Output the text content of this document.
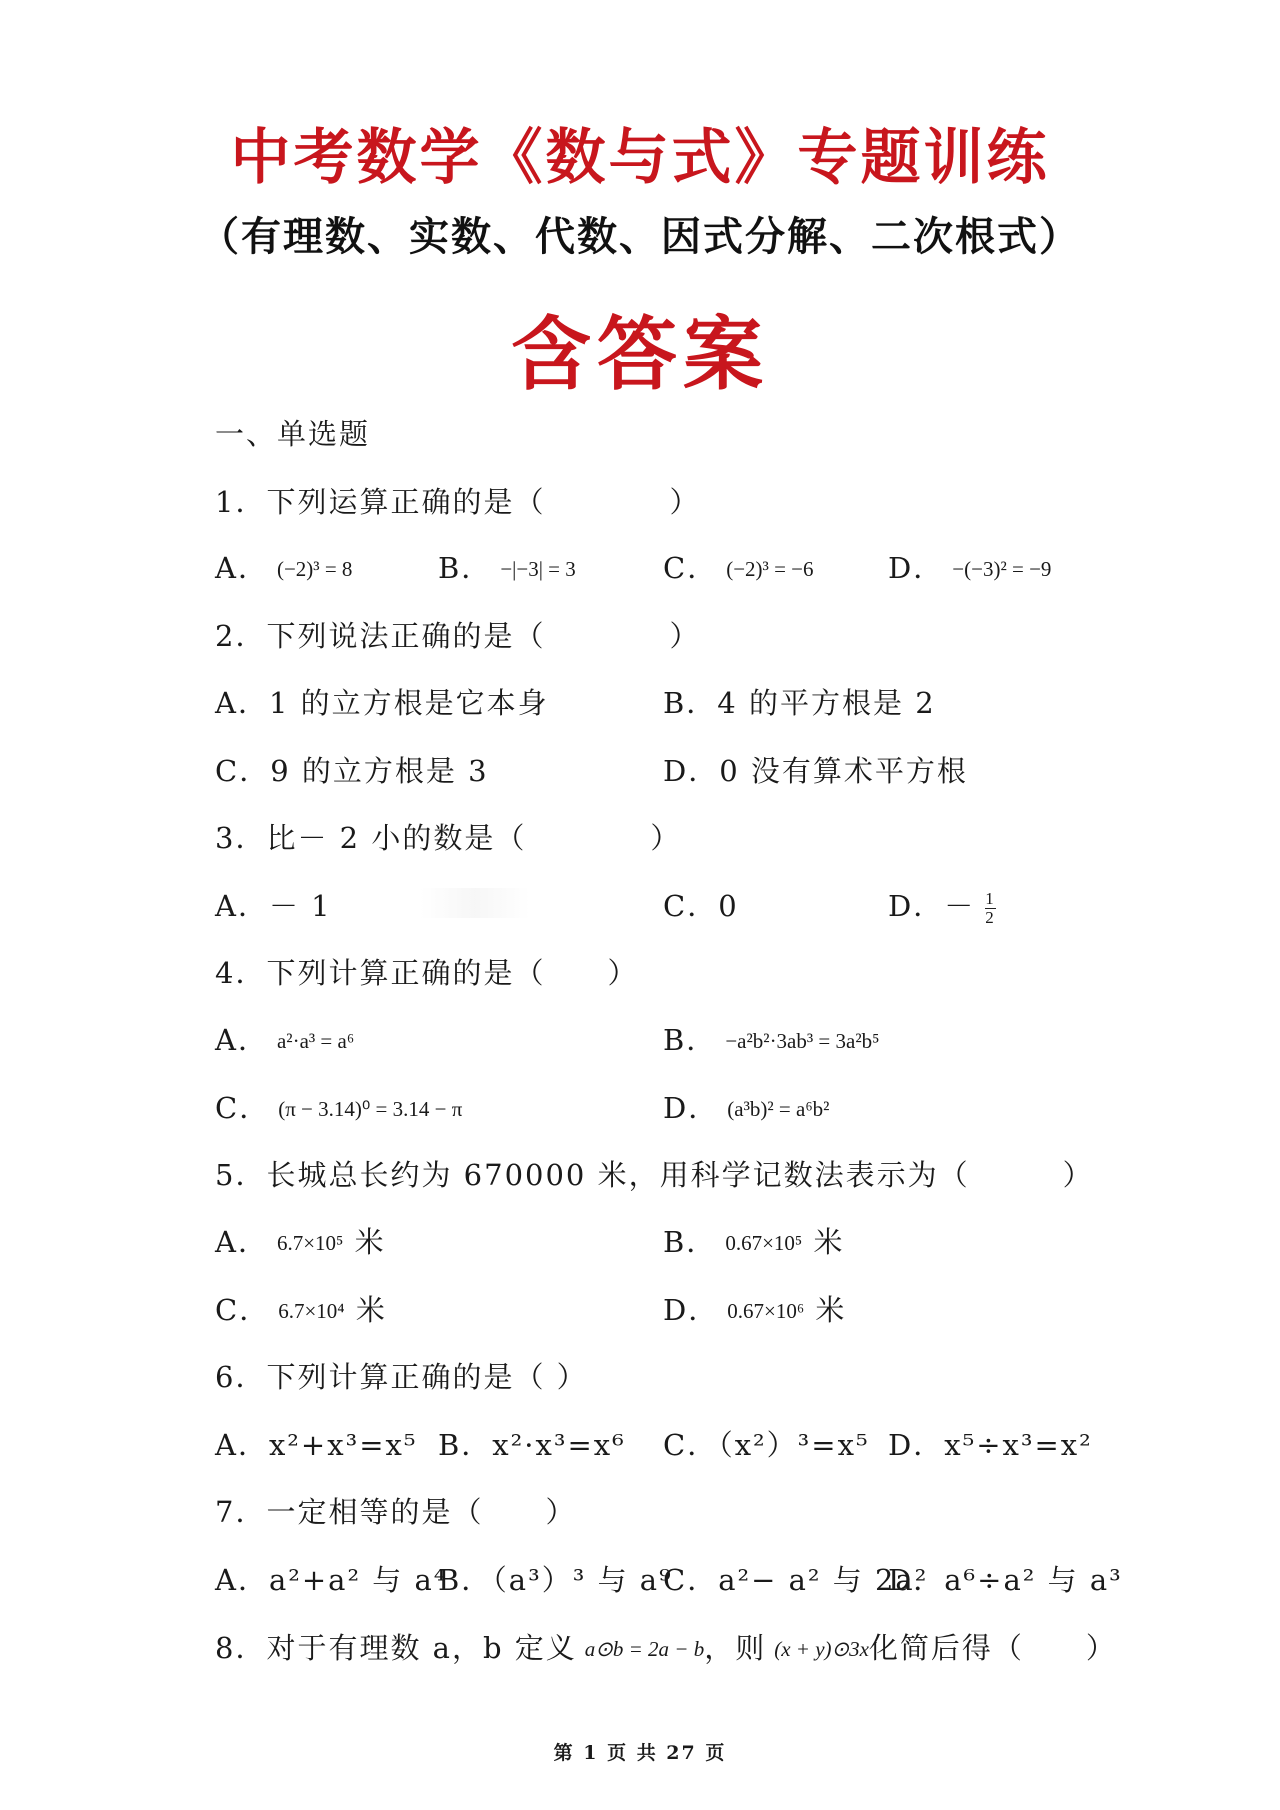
中考数学《数与式》专题训练
（有理数、实数、代数、因式分解、二次根式）
含答案
一、单选题
1．下列运算正确的是（　　　　）
A． (−2)³ = 8	B． −|−3| = 3	C． (−2)³ = −6	D． −(−3)² = −9
2．下列说法正确的是（　　　　）
A．1 的立方根是它本身	B．4 的平方根是 2
C．9 的立方根是 3	D．0 没有算术平方根
3．比－ 2 小的数是（　　　　）
A．－ 1	C．0	D．－ $\frac{1}{2}$
4．下列计算正确的是（　　）
A． a²·a³ = a⁶	B． −a²b²·3ab³ = 3a²b⁵
C． (π − 3.14)⁰ = 3.14 − π	D． (a³b)² = a⁶b²
5．长城总长约为 670000 米，用科学记数法表示为（　　　）
A． 6.7×10⁵ 米	B． 0.67×10⁵ 米
C． 6.7×10⁴ 米	D． 0.67×10⁶ 米
6．下列计算正确的是（ ）
A．x²+x³=x⁵ B．x²·x³=x⁶ C．（x²）³=x⁵ D．x⁵÷x³=x²
7．一定相等的是（　　）
A．a²+a² 与 a⁴
B．（a³）³ 与 a⁹
C．a²− a² 与 2a²
D．a⁶÷a² 与 a³
8．对于有理数 a，b 定义 a⊙b = 2a − b，则 (x + y)⊙3x化简后得（　　）
第 1 页 共 27 页
